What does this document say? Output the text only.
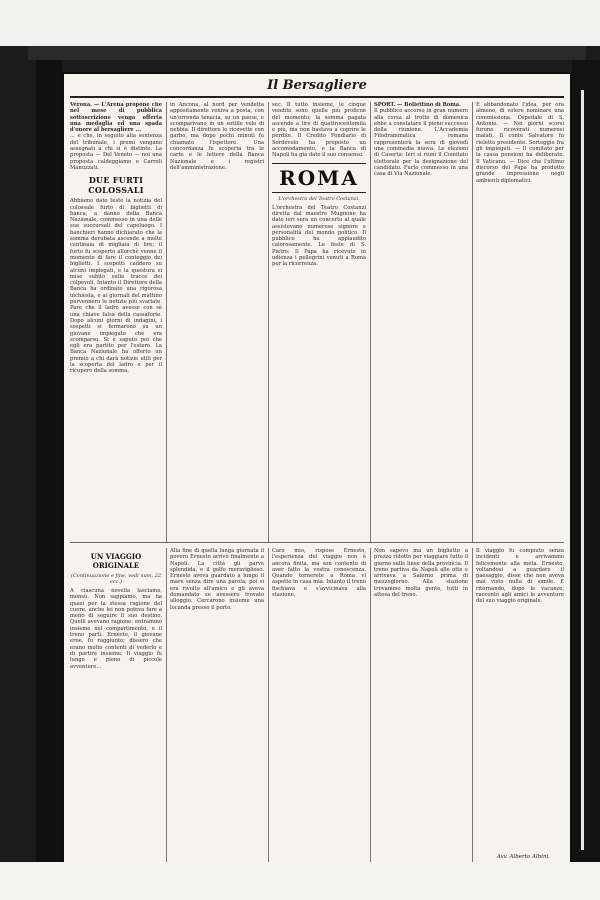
Il Bersagliere

Verona. — L'Arena propone che nel mese di pubblica sottoscrizione venga offerta una medaglia ed una spada d'onore al bersagliere ...

... e che, in seguito alla sentenza del tribunale, i premi vengano assegnati a chi si è distinto. La proposta — Del Veneto — noi una proposta caldeggiamo e Carroli Manuzzati.

DUE FURTI COLOSSALI

Abbiamo dato testè la notizia del colossale furto di biglietti di banca, a danno della Banca Nazionale, commesso in una delle sue succursali del capoluogo. I banchieri hanno dichiarato che la somma derubata ascende a molte centinaia di migliaia di lire; il furto fu scoperto allorchè venne il momento di fare il conteggio dei biglietti. I sospetti caddero su alcuni impiegati, e la questura si mise subito sulle tracce dei colpevoli. Intanto il Direttore della Banca ha ordinato una rigorosa inchiesta, e ai giornali del mattino pervennero le notizie più svariate. Pare che il ladro avesse con sè una chiave falsa della cassaforte. Dopo alcuni giorni di indagini, i sospetti si fermarono su un giovane impiegato che era scomparso. Si è saputo poi che egli era partito per l'estero. La Banca Nazionale ha offerto un premio a chi darà notizie utili per la scoperta del ladro e per il ricupero della somma.

in Ancona, al nord per vendetta appositamente veniva a posta, con un'orrenda tenacia, su un paese, e scomparivano in un sottile velo di nebbia. Il direttore lo ricevette con garbo, ma dopo pochi minuti fu chiamato l'ispettore. Una concordanza fu scoperta tra le carte e le lettere della Banca Nazionale e i registri dell'amministrazione.

sec. Il tutto insieme, le cinque vendite sono quelle più proficue del momento; la somma pagata ascende a lire di quattrocentomila e più, ma non bastava a coprire le perdite. Il Credito Fondiario di Sordevolo ha proposto un accomodamento, e la Banca di Napoli ha già dato il suo consenso.

ROMA
L'orchestra del Teatro Costanzi.

L'orchestra del Teatro Costanzi diretta dal maestro Mugnone ha dato ieri sera un concerto al quale assistevano numerose signore e personalità del mondo politico. Il pubblico ha applaudito calorosamente. Le feste di S. Pietro: Il Papa ha ricevuto in udienza i pellegrini venuti a Roma per la ricorrenza.

SPORT. — Bollettino di Roma.

Il pubblico accorso in gran numero alla corsa al trotto di domenica ebbe a constatare il pieno successo della riunione. L'Accademia Filodrammatica romana rappresenterà la sera di giovedì una commedia nuova. Le elezioni di Caserta: Ieri si riunì il Comitato elettorale per la designazione del candidato. Furto commesso in una casa di Via Nazionale.

E abbandonato l'idea, per ora almeno, di volere nominare una commissione. Ospedale di S. Antonio. — Nei giorni scorsi furono ricoverati numerosi malati. Il conte Salvatore fu rieletto presidente. Sorteggio fra gli impiegati. — Il comitato per la cassa pensioni ha deliberato. Il Vaticano. — Dice che l'ultimo discorso del Papa ha prodotto grande impressione negli ambienti diplomatici.

UN VIAGGIO ORIGINALE
(Continuazione e fine, vedi num. 22 ecc.)

A ciascuna novella lasciamo, monsù. Non sappiamo, ma ha quasi per la stessa ragione del cuore, anche lei non poteva fare a meno di seguire il suo destino. Quelli avevano ragione: entrammo insieme nel compartimento, e il treno partì. Ernesto, il giovane eroe, fu raggiunto; dissero che erano molto contenti di vederlo e di partire insieme. Il viaggio fu lungo e pieno di piccole avventure...

Alla fine di quella lunga giornata il povero Ernesto arrivò finalmente a Napoli. La città gli parve splendida, e il golfo meraviglioso. Ernesto aveva guardato a lungo il mare senza dire una parola; poi si era rivolto all'amico e gli aveva domandato se avessero trovato alloggio. Cercarono insieme una locanda presso il porto.

Caro mio, rispose Ernesto, l'esperienza del viaggio non è ancora finita, ma son contento di aver fatto la vostra conoscenza. Quando tornerete a Roma vi aspetto in casa mia. Intanto il treno fischiava e s'avvicinava alla stazione.

Non sapevo ma un biglietto a prezzo ridotto per viaggiare tutto il giorno sulle linee della provincia. Il treno partiva da Napoli alle otto e arrivava a Salerno prima di mezzogiorno. Alla stazione trovammo molta gente, tutti in attesa del treno.

Il viaggio fu compiuto senza incidenti e arrivammo felicemente alla meta. Ernesto, voltandosi a guardare il paesaggio, disse che non aveva mai visto nulla di simile. E ritornando, dopo le vacanze, raccontò agli amici le avventure del suo viaggio originale.

Avv. Alberto Albini.
